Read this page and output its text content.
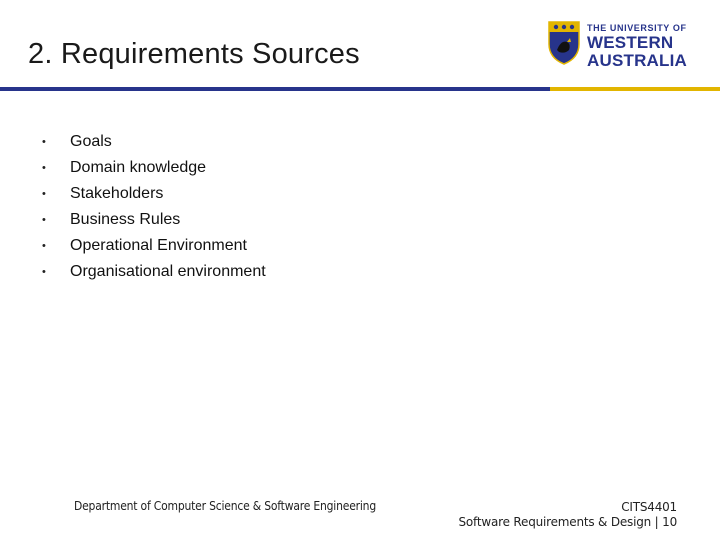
2. Requirements Sources
THE UNIVERSITY OF
WESTERN
AUSTRALIA
•	Goals
•	Domain knowledge
•	Stakeholders
•	Business Rules
•	Operational Environment
•	Organisational environment
Department of Computer Science & Software Engineering	CITS4401
Software Requirements & Design | 10
